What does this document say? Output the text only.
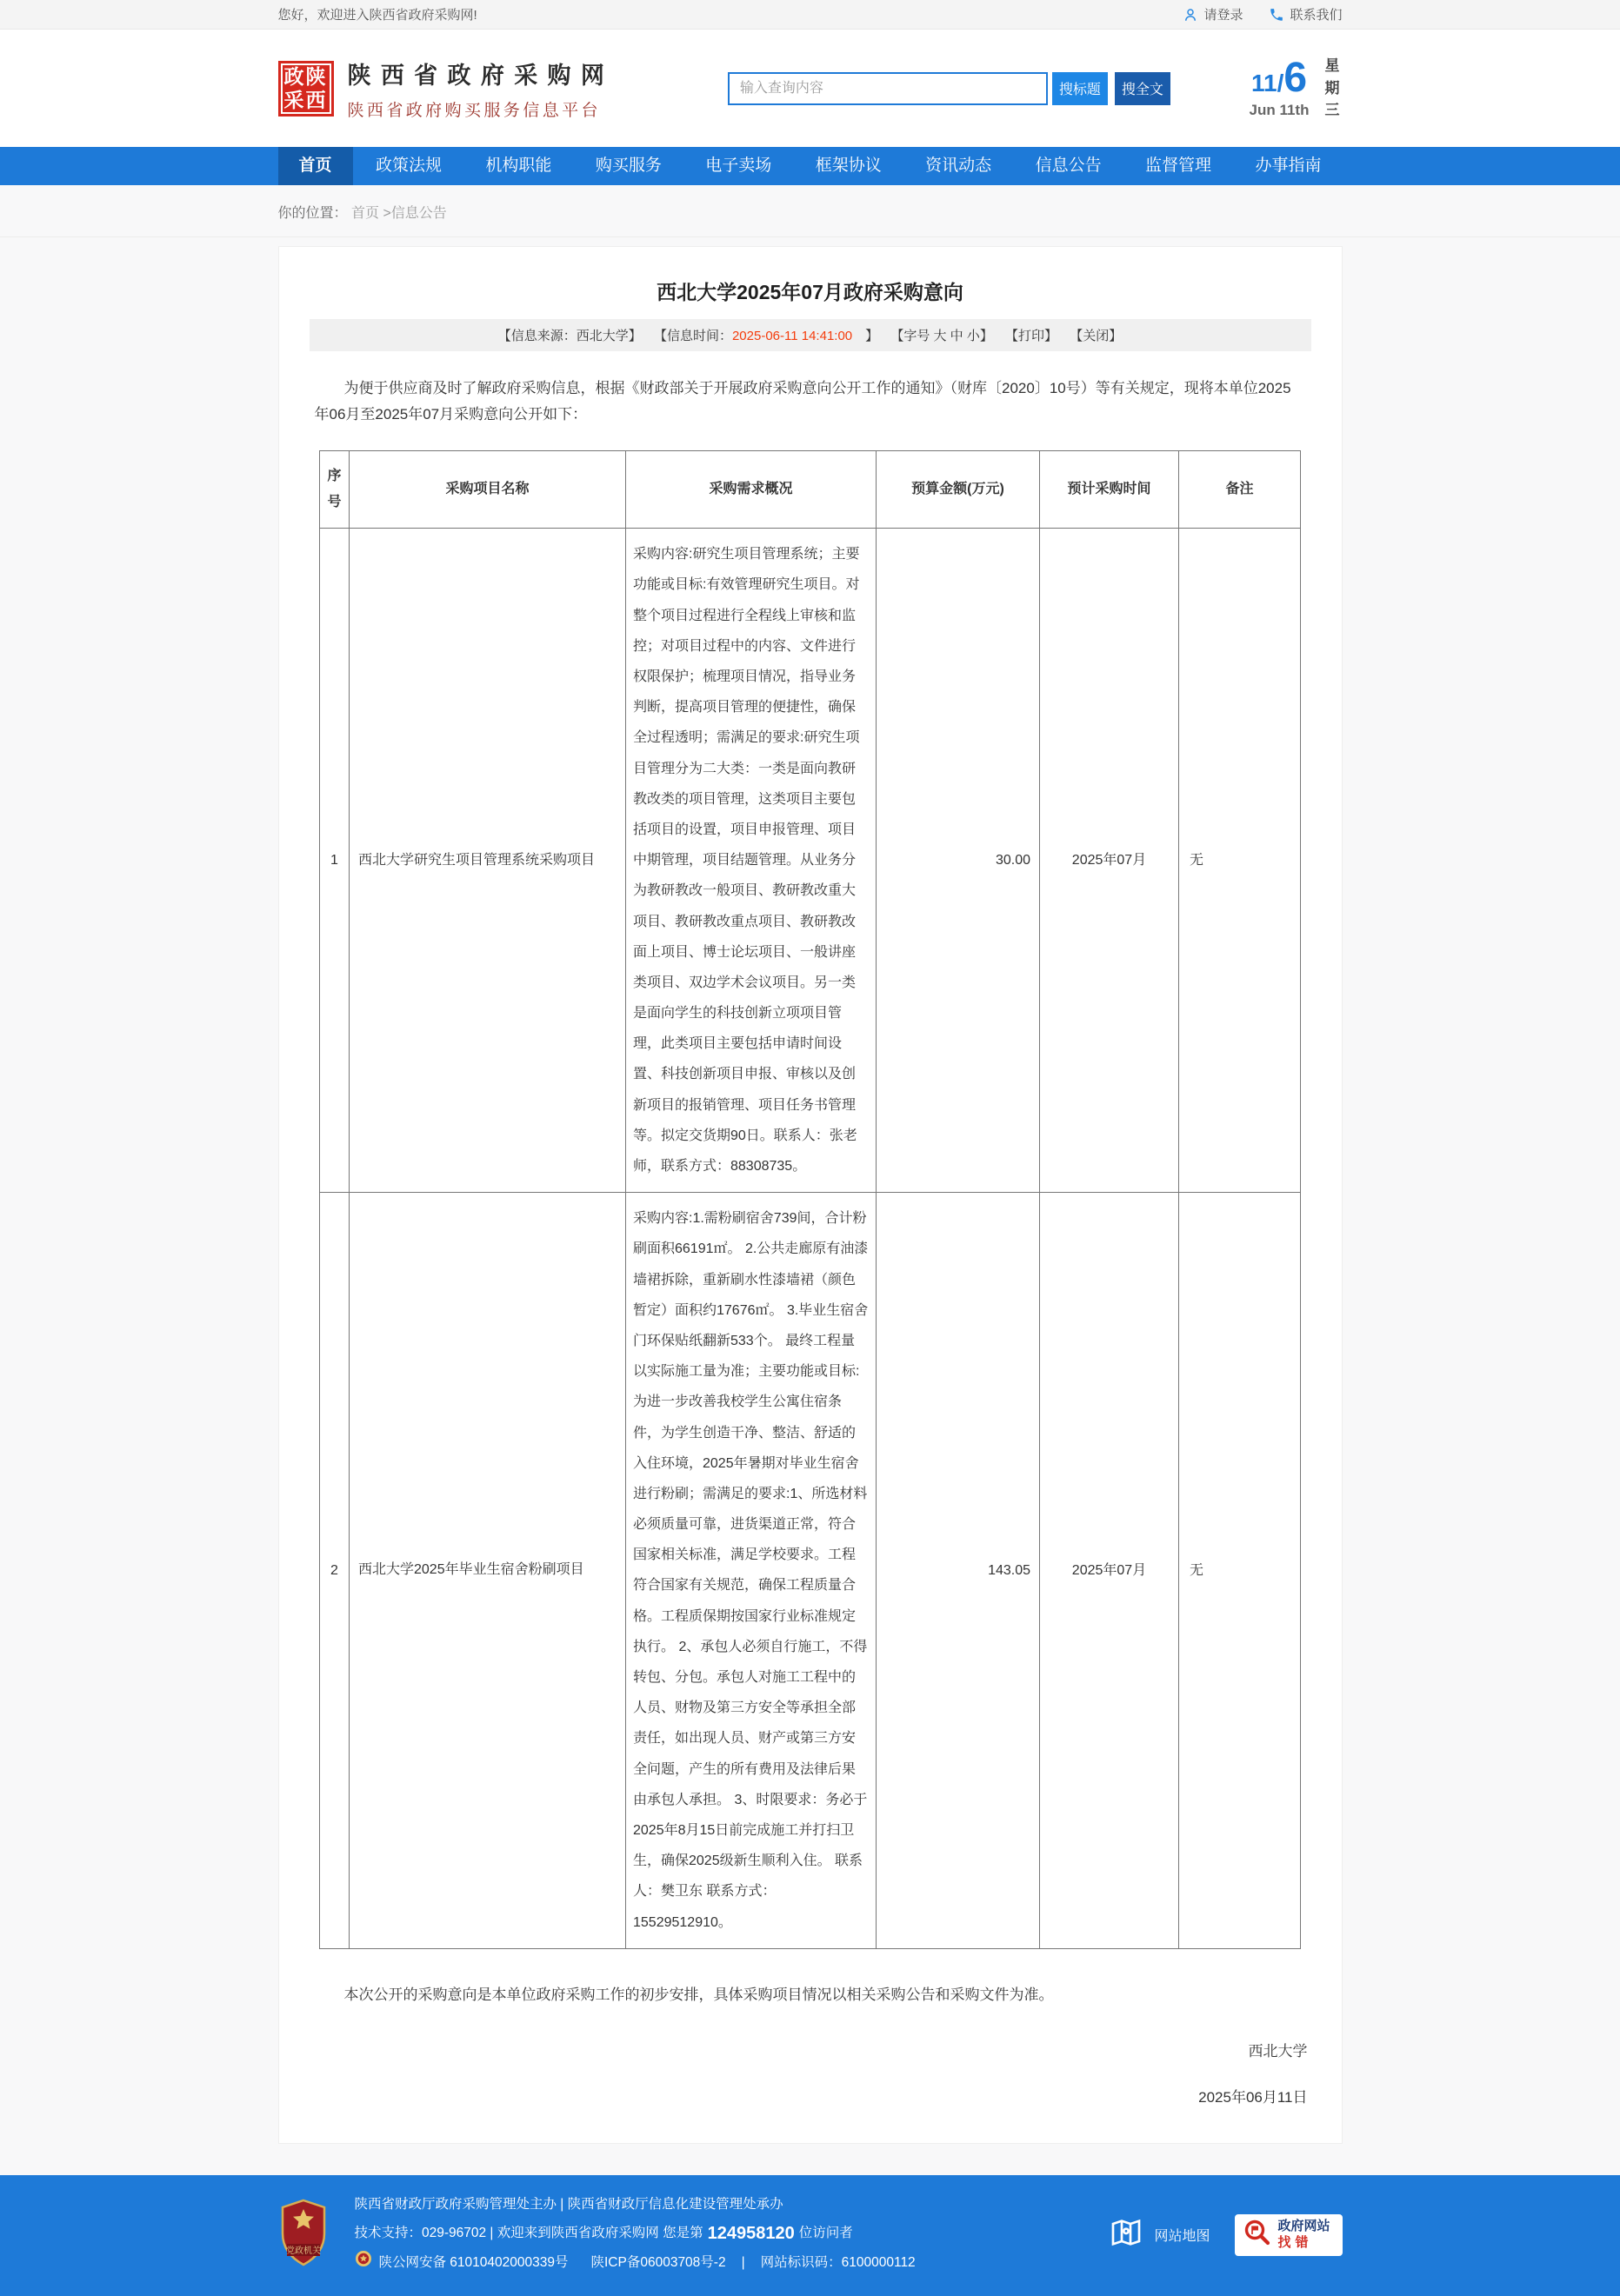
您好，欢迎进入陕西省政府采购网!	请登录	联系我们
政陕
采西
陕西省政府采购网
陕西省政府购买服务信息平台
输入查询内容
搜标题	搜全文	11 / 6
Jun 11th
星期三
首页	政策法规	机构职能	购买服务	电子卖场	框架协议	资讯动态	信息公告	监督管理	办事指南
你的位置： 首页 >信息公告
西北大学2025年07月政府采购意向
【信息来源：西北大学】 【信息时间：2025-06-11 14:41:00　】 【字号 大 中 小】 【打印】 【关闭】

为便于供应商及时了解政府采购信息，根据《财政部关于开展政府采购意向公开工作的通知》（财库〔2020〕10号）等有关规定，现将本单位2025年06月至2025年07月采购意向公开如下：

序号	采购项目名称	采购需求概况	预算金额(万元)	预计采购时间	备注
1	西北大学研究生项目管理系统采购项目	采购内容:研究生项目管理系统；主要功能或目标:有效管理研究生项目。对整个项目过程进行全程线上审核和监控；对项目过程中的内容、文件进行权限保护；梳理项目情况，指导业务判断，提高项目管理的便捷性，确保全过程透明；需满足的要求:研究生项目管理分为二大类：一类是面向教研教改类的项目管理，这类项目主要包括项目的设置，项目申报管理、项目中期管理，项目结题管理。从业务分为教研教改一般项目、教研教改重大项目、教研教改重点项目、教研教改面上项目、博士论坛项目、一般讲座类项目、双边学术会议项目。另一类是面向学生的科技创新立项项目管理，此类项目主要包括申请时间设置、科技创新项目申报、审核以及创新项目的报销管理、项目任务书管理等。拟定交货期90日。联系人：张老师，联系方式：88308735。	30.00	2025年07月	无
2	西北大学2025年毕业生宿舍粉刷项目	采购内容:1.需粉刷宿舍739间，合计粉刷面积66191㎡。 2.公共走廊原有油漆墙裙拆除，重新刷水性漆墙裙（颜色暂定）面积约17676㎡。 3.毕业生宿舍门环保贴纸翻新533个。 最终工程量以实际施工量为准；主要功能或目标:为进一步改善我校学生公寓住宿条件，为学生创造干净、整洁、舒适的入住环境，2025年暑期对毕业生宿舍进行粉刷；需满足的要求:1、所选材料必须质量可靠，进货渠道正常，符合国家相关标准，满足学校要求。工程符合国家有关规范，确保工程质量合格。工程质保期按国家行业标准规定执行。 2、承包人必须自行施工，不得转包、分包。承包人对施工工程中的人员、财物及第三方安全等承担全部责任，如出现人员、财产或第三方安全问题，产生的所有费用及法律后果由承包人承担。 3、时限要求：务必于2025年8月15日前完成施工并打扫卫生，确保2025级新生顺利入住。 联系人：樊卫东 联系方式：15529512910。	143.05	2025年07月	无

本次公开的采购意向是本单位政府采购工作的初步安排，具体采购项目情况以相关采购公告和采购文件为准。

西北大学

2025年06月11日

党政机关
陕西省财政厅政府采购管理处主办 | 陕西省财政厅信息化建设管理处承办
技术支持：029-96702 | 欢迎来到陕西省政府采购网 您是第 124958120 位访问者
陕公网安备 61010402000339号 陕ICP备06003708号-2 | 网站标识码：6100000112
网站地图
政府网站
找错
